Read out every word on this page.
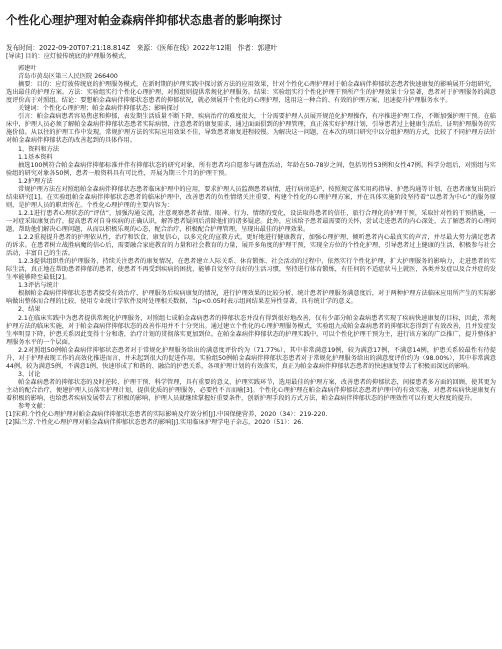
个性化心理护理对帕金森病伴抑郁状态患者的影响探讨
发布时间：2022-09-20T07:21:18.814Z　来源：《医师在线》2022年12期　作者：郭建叶

[导读] 目的：应灯彼传统底的护理服务模式，

郭建叶

青岛市黄岛区第三人民医院 266400

摘要：目的：应灯彼传统底的护理服务模式，在新时期的护理实践中探讨新方法的应用效果，针对个性化心理护理对于帕金森病伴抑郁状态患者快速康复的影响展开分组研究，选出最佳的护理方案。方法：实验组实行个性化心理护理，对照组则提供常规化护理服务。结果：实验组实行个性化护理干预所产生的护理效果十分显著，患者对于护理服务的满意度评价高于对照组。结论：要想帕金森病伴抑郁状态患者的抑郁状况，就必须展开个性化的心理护理，选用这一种合的、有效的护理方案，迅速提升护理服务水平。

关键词：个性化心理护理；帕金森病伴抑郁状态；影响探讨

引言：帕金森病患者容易焦虑和抑郁，表发期生活质量不断下降，疾病治疗的难度很大，十分需要护理人员展开规范化护理操作，有序推进护理工作，不断加强护理干预。在临床中，护理人员必须了解帕金森病伴抑郁状态患者实际病情，注意患者的康复需求，通过面面俱到的护理管理，真正落实好护理计划，引导患者过上健康生活后，证明护理服务的实施价值。从以往的护理工作中发现，常规护理方法的实际应用效果不佳，导致患者康复进程较慢。为解决这一问题，在本次的项目研究中以分组护理的方式，比较了不同护理方法针对帕金森病伴抑郁状态的改善起到的具体作用。

1、资料和方法

1.1基本资料

抽选100例符合帕金森病伴抑郁标准并伴有抑郁状态的研究对象，所有患者均自愿参与调查活动，年龄在50-78岁之间，包括男性53例和女性47例。科学分组后，对照组与实验组的研究对象各50例，患者一般资料具有可比性，开展为期三个月的护理干预。

1.2护理方法

常规护理方法在对照组帕金森病伴抑郁状态患者临床护理中的应用，要求护理人员监测患者病情，进行病房巡护，按照规定落实用药指导、护患沟通等计划，在患者康复出院后结束研究[1]。在实验组帕金森病伴抑郁状态患者的临床护理中，改善患者的负性情绪关注重要，构建个性化的心理护理方案，并在具体实施阶段坚持着“以患者为中心”的服务原则，是护理人员的职责所在。个性化心理护理的主要内容为：

1.2.1进行患者心理状态的“评估”，加强沟通交流，注意观察患者表情、眼神、行为、情绪的变化，设法取得患者的信任，旅行合理化的护理干预，采取针对性的干预措施，一一对症采取康复治疗，提高患者对自身疾病的正确认识，解答患者疑问后消除他们的诸多疑虑。此外，应该给予患者最需要的关怀，尝试走进患者的内心深处，去了解患者的心理问题，帮助他们解决心理问题，从而以积极乐观的心态，配合治疗，积极配合护理管理，呈现出最佳的护理效果。

1.2.2重视提升患者的护理依从性，治疗和饮食、康复信心，以多元化的宣教方式，更好地进行健康教育，加强心理护理，倾听患者内心最真实的声音，并尽最大努力满足患者的诉求。在患者树立战胜病魔的信心后，需要融合家庭教育的力量和社会教育的力量，展开多角度的护理干预，实现全方位的个性化护理，引导患者过上健康的生活，积极参与社会活动，丰富自己的生活。

1.2.3提供组织性的护理服务，持续关注患者的康复情况，在患者建立人际关系、休育锻炼、社会活动的过程中，依然实行个性化护理，扩大护理服务的影响力，走进患者的实际生活，真正地在帮助患者抑郁的患者，使患者不再受到疾病的困扰，能够自觉坚守良好的生活习惯，坚持进行体育锻炼，有任何的不适症状马上就医，各类并发症以及合并症的发生率能够降至最低[2]。

1.3评估与统计

根据帕金森病伴抑郁状态患者接受有效治疗、护理服务后疾病康复的情况，进行护理效果的比较分析，统计患者护理服务满意度后，对于两种护理方法临床应用所产生的实际影响做出整体而合理的比较，使用专业统计学软件及时处理相关数据，当p<0.05时表示组间结果差异性显著，具有统计学的意义。

2、结果

2.1在临床实践中为患者提供常规化护理服务，对照组七成帕金森病患者的抑郁状态并没有得到很好地改善，仅有少部分帕金森病患者实现了疾病快速康复的目标，因此，常规护理方法的临床实施，对于帕金森病伴抑郁状态的改善作用并不十分突出。通过建立个性化的心理护理服务模式，实验组九成帕金森病患者的抑郁状态得到了有效改善，且并发症发生率明显下降，护患关系因此变得十分和谐，治疗计划的贯彻落实更加到位。在帕金森病伴抑郁状态的护理实践中，可以个性化护理干预为主，进行该方案的广泛推广，提升整体护理服务水平的一个层面。

2.2对照组50例帕金森病伴抑郁状态患者对于常规化护理服务给出的满意度评价约为（71.77%），其中非常满意19例，较为满意17例，不满意14例，护患关系较最性有待提升，对于护理表现工作的高效化推进而言，并未起到很大的促进作用。实验组50例帕金森病伴抑郁状态患者对于常规化护理服务给出的满意度评价约为（98.00%），其中非常满意44例，较为满意5例，不满意1例，快速形成了和谐的、融洽的护患关系，各项护理计划的有效落实，真正为帕金森病伴抑郁状态患者的快速康复带去了积极而深远的影响。

3、讨论

帕金森病患者的抑郁状态的及时逆转、护理干预、科学管理，具有重要的意义，护理实践环节，选用最佳的护理方案，改善患者的抑郁状态，间接患者多方面的回顾，使其更为主动的配合治疗，便建护理人员落实护理计划，提供优质的护理服务，必要性不言而喻[3]。个性化心理护理在帕金森病伴抑郁状态患者护理中的有效实施，对患者疾病快速康复有着积极的影响，也给患者疾病发展带去了积极的影响，护理人员就继续掌握好重要条件，创新护理手段的方式方法，帕金森病伴抑郁状态的护理效性可以有更大程度的提升。

参考文献：

[1]宋莉.个性化心理护理对帕金森病伴抑郁状态患者的实际影响及疗效分析[J].中国保健营养，2020（34）：219-220.

[2]陆兰芳.个性化心理护理对帕金森病伴抑郁状态患者的影响[J].实用临床护理学电子杂志，2020（51）：26.
